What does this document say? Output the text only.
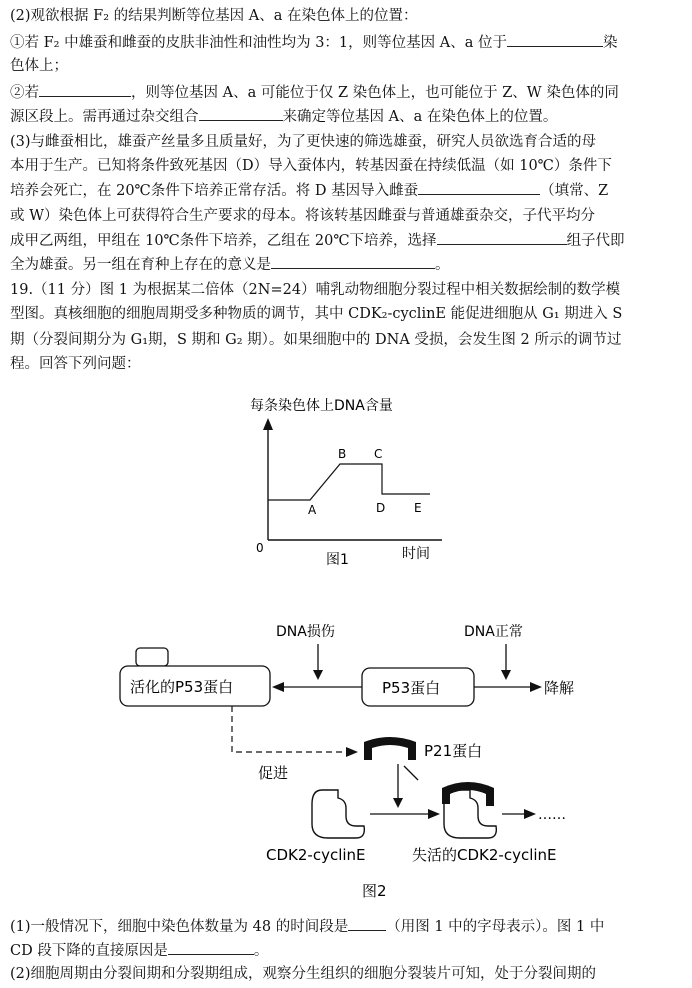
(2)观欲根据 F₂ 的结果判断等位基因 A、a 在染色体上的位置：
①若 F₂ 中雄蚕和雌蚕的皮肤非油性和油性均为 3：1，则等位基因 A、a 位于	染
色体上；
②若	，则等位基因 A、a 可能位于仅 Z 染色体上，也可能位于 Z、W 染色体的同
源区段上。需再通过杂交组合	来确定等位基因 A、a 在染色体上的位置。
(3)与雌蚕相比，雄蚕产丝量多且质量好，为了更快速的筛选雄蚕，研究人员欲选育合适的母
本用于生产。已知将条件致死基因（D）导入蚕体内，转基因蚕在持续低温（如 10℃）条件下
培养会死亡，在 20℃条件下培养正常存活。将 D 基因导入雌蚕	（填常、Z
或 W）染色体上可获得符合生产要求的母本。将该转基因雌蚕与普通雄蚕杂交，子代平均分
成甲乙两组，甲组在 10℃条件下培养，乙组在 20℃下培养，选择	组子代即
全为雄蚕。另一组在育种上存在的意义是	。
19.（11 分）图 1 为根据某二倍体（2N=24）哺乳动物细胞分裂过程中相关数据绘制的数学模
型图。真核细胞的细胞周期受多种物质的调节，其中 CDK₂-cyclinE 能促进细胞从 G₁ 期进入 S
期（分裂间期分为 G₁期，S 期和 G₂ 期）。如果细胞中的 DNA 受损，会发生图 2 所示的调节过
程。回答下列问题：
每条染色体上DNA含量
A
B C
D E
0
图1	时间
DNA损伤	DNA正常
活化的P53蛋白	P53蛋白	降解
促进
P21蛋白
……
CDK2-cyclinE	失活的CDK2-cyclinE
图2
(1)一般情况下，细胞中染色体数量为 48 的时间段是	（用图 1 中的字母表示）。图 1 中
CD 段下降的直接原因是	。
(2)细胞周期由分裂间期和分裂期组成，观察分生组织的细胞分裂装片可知，处于分裂间期的
